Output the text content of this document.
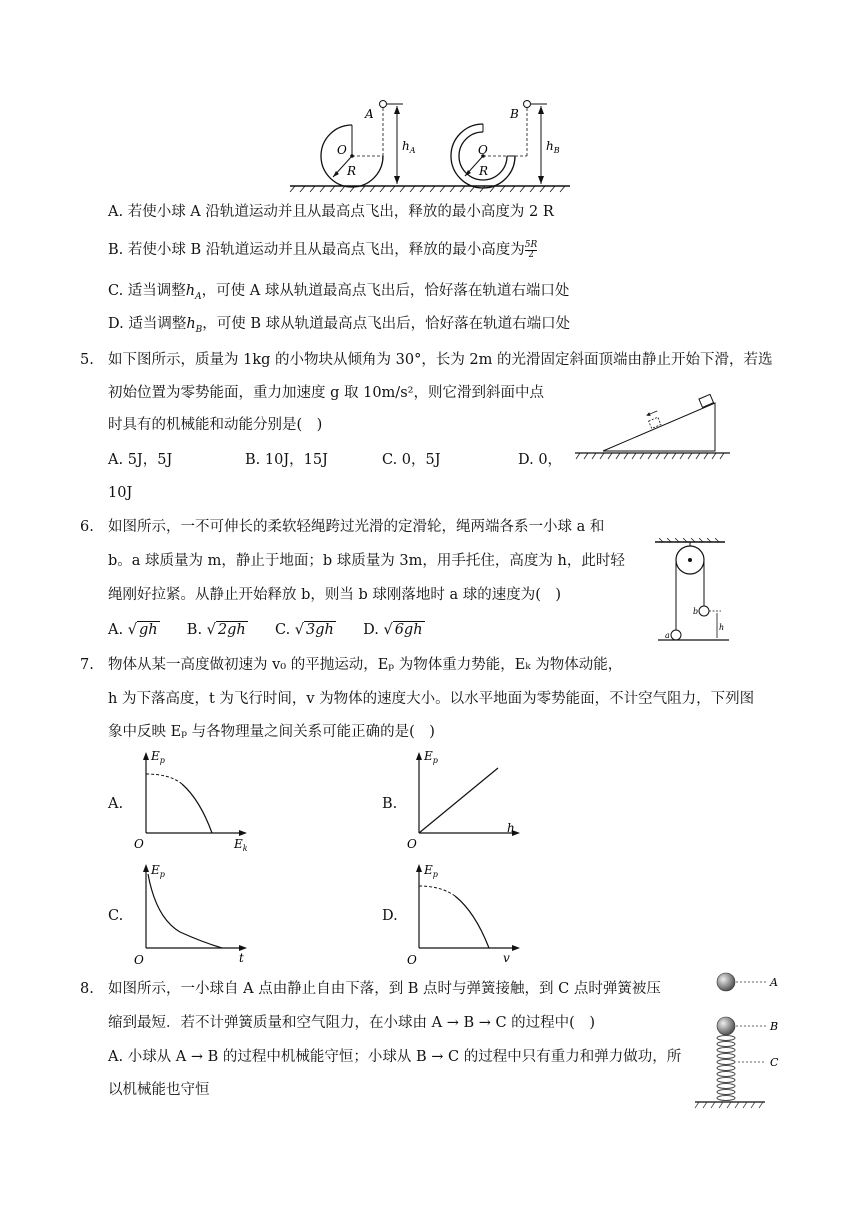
A
O
R
$h_A$
B
O
R
$h_B$
A. 若使小球 A 沿轨道运动并且从最高点飞出，释放的最小高度为 2 R
B. 若使小球 B 沿轨道运动并且从最高点飞出，释放的最小高度为 $\frac{5R}{2}$
C. 适当调整$h_A$，可使 A 球从轨道最高点飞出后，恰好落在轨道右端口处
D. 适当调整$h_B$，可使 B 球从轨道最高点飞出后，恰好落在轨道右端口处
5. 如下图所示，质量为 1kg 的小物块从倾角为 30°，长为 2m 的光滑固定斜面顶端由静止开始下滑，若选
初始位置为零势能面，重力加速度 g 取 10m/s²，则它滑到斜面中点
时具有的机械能和动能分别是(　)
A. 5J，5J	B. 10J，15J	C. 0，5J	D. 0，
10J
6. 如图所示，一不可伸长的柔软轻绳跨过光滑的定滑轮，绳两端各系一小球 a 和
b。a 球质量为 m，静止于地面；b 球质量为 3m，用手托住，高度为 h，此时轻
绳刚好拉紧。从静止开始释放 b，则当 b 球刚落地时 a 球的速度为(　)
A. √ gh B. √ 2gh C. √ 3gh D. √ 6gh
b
a
h
7. 物体从某一高度做初速为 v₀ 的平抛运动，Eₚ 为物体重力势能，Eₖ 为物体动能，
h 为下落高度，t 为飞行时间，v 为物体的速度大小。以水平地面为零势能面，不计空气阻力，下列图
象中反映 Eₚ 与各物理量之间关系可能正确的是(　)
A.
$E_p$
$E_k$
O
B.
$E_p$
h
O
C.
$E_p$
t
O
D.
$E_p$
v
O
8. 如图所示，一小球自 A 点由静止自由下落，到 B 点时与弹簧接触，到 C 点时弹簧被压
缩到最短．若不计弹簧质量和空气阻力，在小球由 A → B → C 的过程中(　)
A. 小球从 A → B 的过程中机械能守恒；小球从 B → C 的过程中只有重力和弹力做功，所
以机械能也守恒
A
B
C
